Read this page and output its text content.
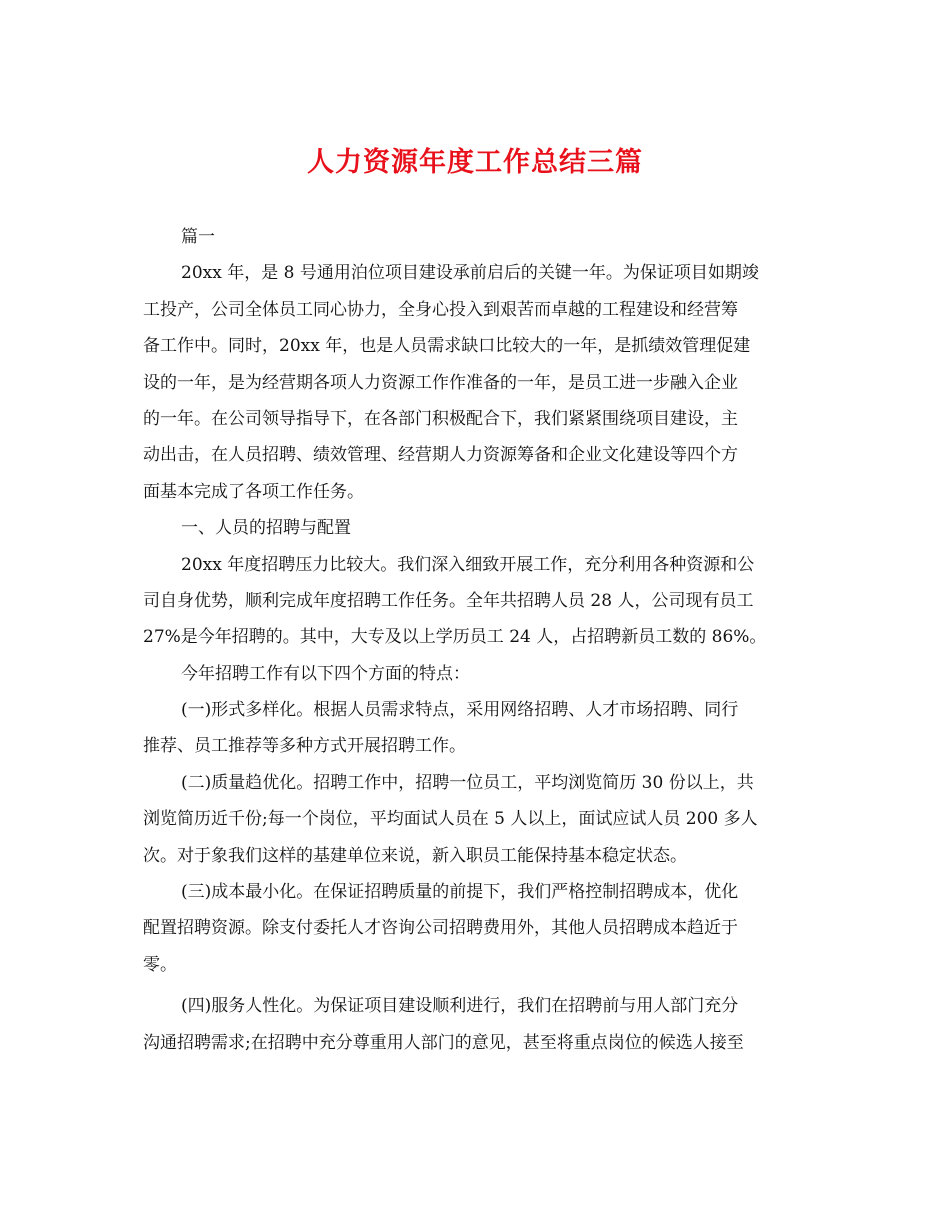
人力资源年度工作总结三篇
篇一
20xx 年，是 8 号通用泊位项目建设承前启后的关键一年。为保证项目如期竣
工投产，公司全体员工同心协力，全身心投入到艰苦而卓越的工程建设和经营筹
备工作中。同时，20xx 年，也是人员需求缺口比较大的一年，是抓绩效管理促建
设的一年，是为经营期各项人力资源工作作准备的一年，是员工进一步融入企业
的一年。在公司领导指导下，在各部门积极配合下，我们紧紧围绕项目建设，主
动出击，在人员招聘、绩效管理、经营期人力资源筹备和企业文化建设等四个方
面基本完成了各项工作任务。
一、人员的招聘与配置
20xx 年度招聘压力比较大。我们深入细致开展工作，充分利用各种资源和公
司自身优势，顺利完成年度招聘工作任务。全年共招聘人员 28 人，公司现有员工
27%是今年招聘的。其中，大专及以上学历员工 24 人，占招聘新员工数的 86%。
今年招聘工作有以下四个方面的特点：
(一)形式多样化。根据人员需求特点，采用网络招聘、人才市场招聘、同行
推荐、员工推荐等多种方式开展招聘工作。
(二)质量趋优化。招聘工作中，招聘一位员工，平均浏览简历 30 份以上，共
浏览简历近千份;每一个岗位，平均面试人员在 5 人以上，面试应试人员 200 多人
次。对于象我们这样的基建单位来说，新入职员工能保持基本稳定状态。
(三)成本最小化。在保证招聘质量的前提下，我们严格控制招聘成本，优化
配置招聘资源。除支付委托人才咨询公司招聘费用外，其他人员招聘成本趋近于
零。
(四)服务人性化。为保证项目建设顺利进行，我们在招聘前与用人部门充分
沟通招聘需求;在招聘中充分尊重用人部门的意见，甚至将重点岗位的候选人接至
